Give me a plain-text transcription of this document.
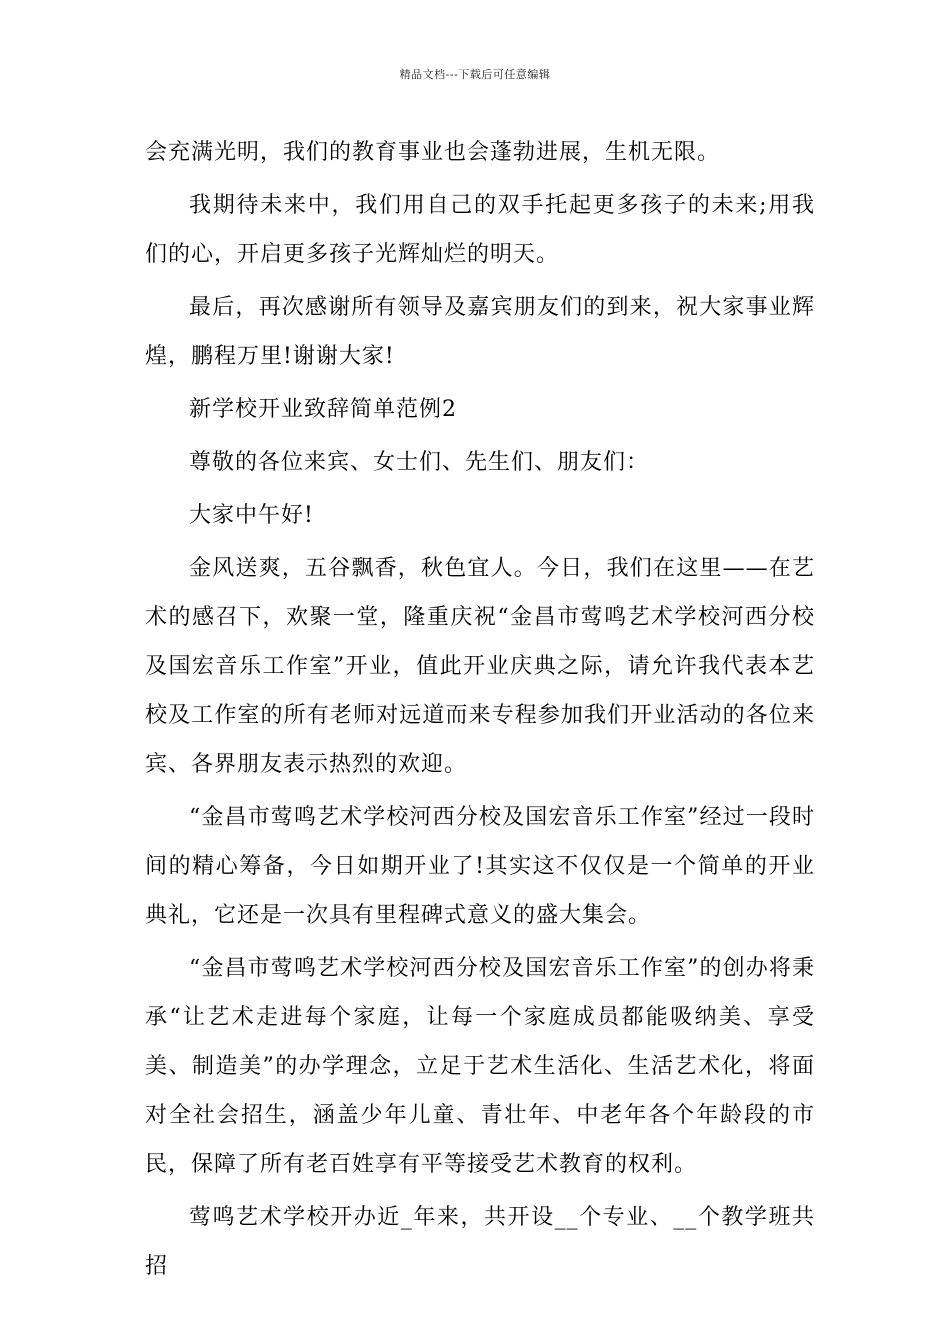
精品文档---下载后可任意编辑

会充满光明，我们的教育事业也会蓬勃进展，生机无限。

我期待未来中，我们用自己的双手托起更多孩子的未来;用我们的心，开启更多孩子光辉灿烂的明天。

最后，再次感谢所有领导及嘉宾朋友们的到来，祝大家事业辉煌，鹏程万里!谢谢大家!

新学校开业致辞简单范例2

尊敬的各位来宾、女士们、先生们、朋友们：

大家中午好!

金风送爽，五谷飘香，秋色宜人。今日，我们在这里——在艺术的感召下，欢聚一堂，隆重庆祝“金昌市莺鸣艺术学校河西分校及国宏音乐工作室”开业，值此开业庆典之际，请允许我代表本艺校及工作室的所有老师对远道而来专程参加我们开业活动的各位来宾、各界朋友表示热烈的欢迎。

“金昌市莺鸣艺术学校河西分校及国宏音乐工作室”经过一段时间的精心筹备，今日如期开业了!其实这不仅仅是一个简单的开业典礼，它还是一次具有里程碑式意义的盛大集会。

“金昌市莺鸣艺术学校河西分校及国宏音乐工作室”的创办将秉承“让艺术走进每个家庭，让每一个家庭成员都能吸纳美、享受美、制造美”的办学理念，立足于艺术生活化、生活艺术化，将面对全社会招生，涵盖少年儿童、青壮年、中老年各个年龄段的市民，保障了所有老百姓享有平等接受艺术教育的权利。

莺鸣艺术学校开办近_年来，共开设__个专业、__个教学班共招
